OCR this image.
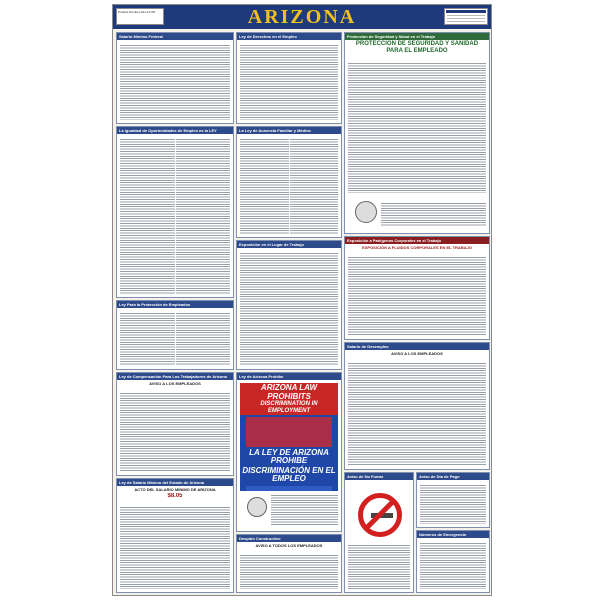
ARIZONA
Product Number AZ-LLP-05
Salario Mínimo Federal	Ley de Derechos en el Empleo	Protección de Seguridad y Salud en el Trabajo
PROTECCIÓN DE SEGURIDAD Y SANIDAD PARA EL EMPLEADO
La Igualdad de Oportunidades de Empleo es la LEY	La Ley de Ausencia Familiar y Médica
Exposición en el Lugar de Trabajo
Exposición a Patógenos Corporales en el Trabajo
EXPOSICIÓN A FLUIDOS CORPORALES EN EL TRABAJO
Ley Para la Protección de Empleados
Ley de Compensación Para Los Trabajadores de Arizona
AVISO A LOS EMPLEADOS
Ley de Arizona Prohíbe
ARIZONA LAW PROHIBITS
DISCRIMINATION IN EMPLOYMENT
LA LEY DE ARIZONA PROHIBE
DISCRIMINACIÓN EN EL EMPLEO
Salario de Desempleo
AVISO A LOS EMPLEADOS
Ley de Salario Mínimo del Estado de Arizona
ACTO DEL SALARIO MÍNIMO DE ARIZONA
$8.05
Despido Constructivo
AVISO A TODOS LOS EMPLEADOS
Aviso de No Fumar	Aviso de Día de Pago
Números de Emergencia
